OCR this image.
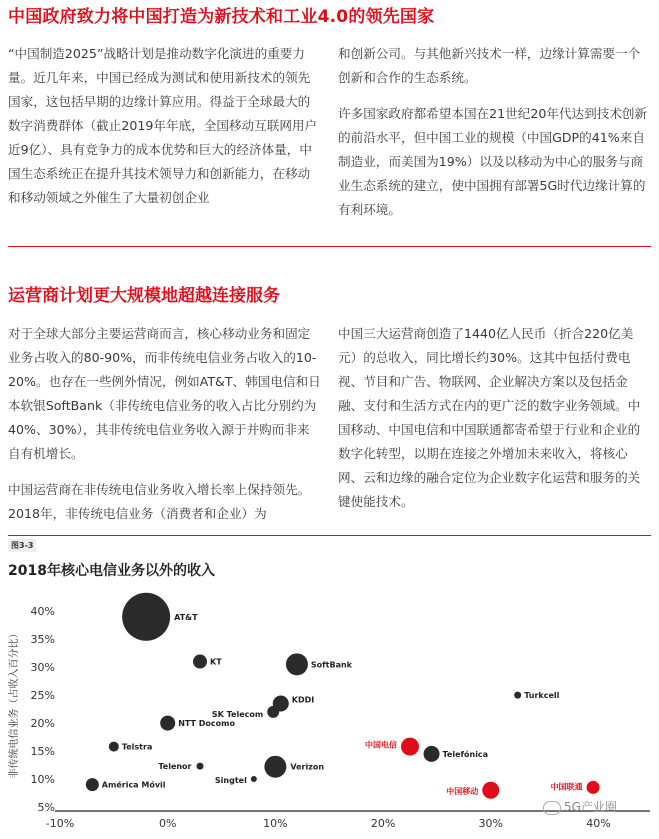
中国政府致力将中国打造为新技术和工业4.0的领先国家

“中国制造2025”战略计划是推动数字化演进的重要力量。近几年来，中国已经成为测试和使用新技术的领先国家，这包括早期的边缘计算应用。得益于全球最大的数字消费群体（截止2019年年底，全国移动互联网用户近9亿）、具有竞争力的成本优势和巨大的经济体量，中国生态系统正在提升其技术领导力和创新能力，在移动和移动领域之外催生了大量初创企业

和创新公司。与其他新兴技术一样，边缘计算需要一个创新和合作的生态系统。

许多国家政府都希望本国在21世纪20年代达到技术创新的前沿水平，但中国工业的规模（中国GDP的41%来自制造业，而美国为19%）以及以移动为中心的服务与商业生态系统的建立，使中国拥有部署5G时代边缘计算的有利环境。

运营商计划更大规模地超越连接服务

对于全球大部分主要运营商而言，核心移动业务和固定业务占收入的80-90%，而非传统电信业务占收入的10-20%。也存在一些例外情况，例如AT&T、韩国电信和日本软银SoftBank（非传统电信业务的收入占比分别约为40%、30%），其非传统电信业务收入源于并购而非来自有机增长。

中国运营商在非传统电信业务收入增长率上保持领先。2018年，非传统电信业务（消费者和企业）为

中国三大运营商创造了1440亿人民币（折合220亿美元）的总收入，同比增长约30%。这其中包括付费电视、节目和广告、物联网、企业解决方案以及包括金融、支付和生活方式在内的更广泛的数字业务领域。中国移动、中国电信和中国联通都寄希望于行业和企业的数字化转型，以期在连接之外增加未来收入，将核心网、云和边缘的融合定位为企业数字化运营和服务的关键使能技术。

图3-3
2018年核心电信业务以外的收入
5%
10%
15%
20%
25%
30%
35%
40%
-10%	0%	10%	20%	30%	40%
非传统电信业务（占收入百分比）
AT&T
KT	SoftBank
Turkcell
KDDI
SK Telecom
NTT Docomo
Telstra	中国电信
Telefónica
Telenor	Verizon
Singtel
América Móvil
中国移动
中国联通
5G产业圈
